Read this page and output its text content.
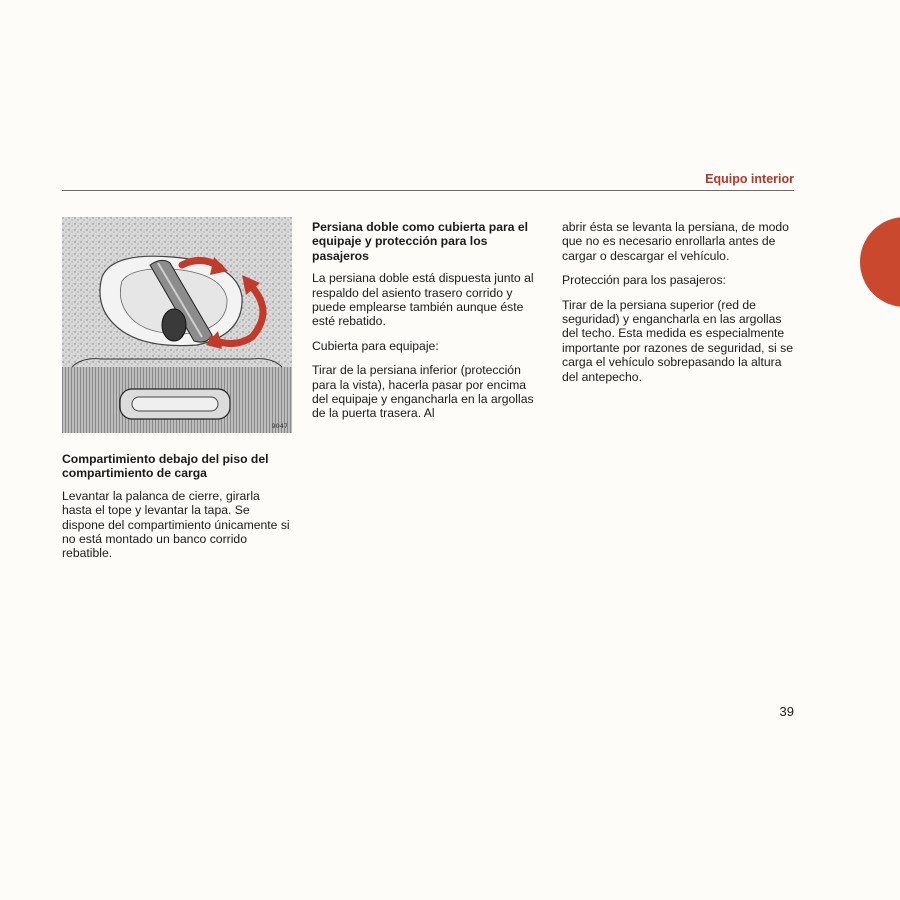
Equipo interior
9047
Compartimiento debajo del piso del compartimiento de carga

Levantar la palanca de cierre, girarla hasta el tope y levantar la tapa. Se dispone del compartimiento únicamente si no está montado un banco corrido rebatible.

Persiana doble como cubierta para el equipaje y protección para los pasajeros

La persiana doble está dispuesta junto al respaldo del asiento trasero corrido y puede emplearse también aunque éste esté rebatido.

Cubierta para equipaje:

Tirar de la persiana inferior (protección para la vista), hacerla pasar por encima del equipaje y engancharla en la argollas de la puerta trasera. Al

abrir ésta se levanta la persiana, de modo que no es necesario enrollarla antes de cargar o descargar el vehículo.

Protección para los pasajeros:

Tirar de la persiana superior (red de seguridad) y engancharla en las argollas del techo. Esta medida es especialmente importante por razones de seguridad, si se carga el vehículo sobrepasando la altura del antepecho.

39
